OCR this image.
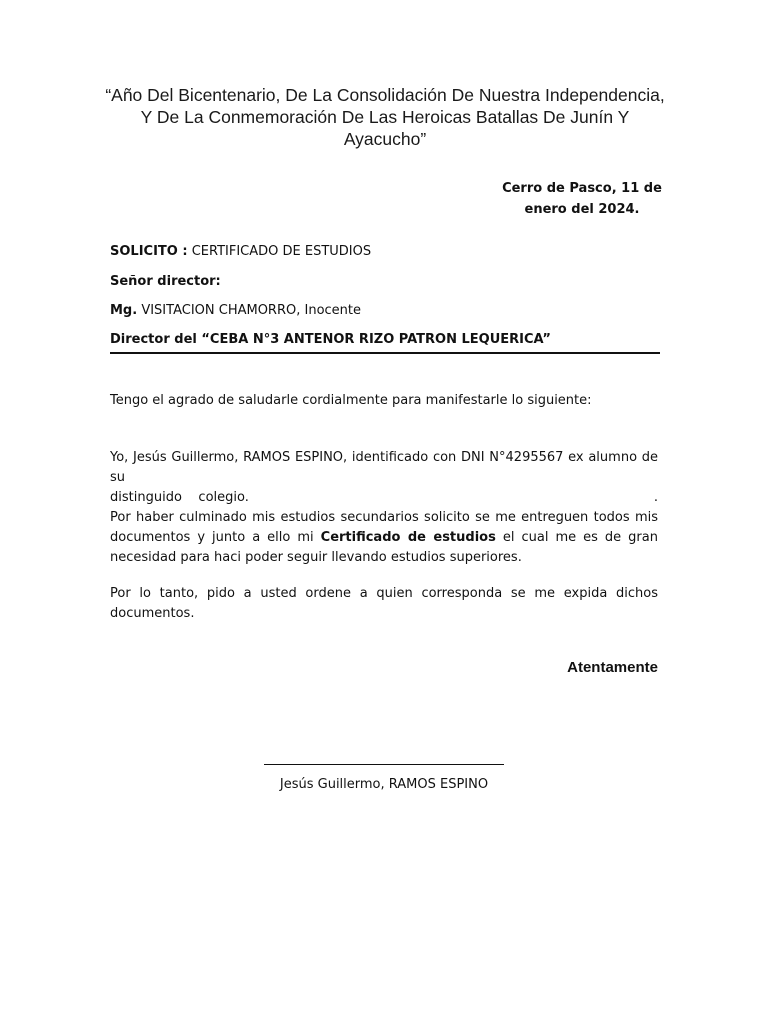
“Año Del Bicentenario, De La Consolidación De Nuestra Independencia,
Y De La Conmemoración De Las Heroicas Batallas De Junín Y
Ayacucho”
Cerro de Pasco, 11 de
enero del 2024.
SOLICITO : CERTIFICADO DE ESTUDIOS
Señor director:
Mg. VISITACION CHAMORRO, Inocente
Director del “CEBA N°3 ANTENOR RIZO PATRON LEQUERICA”
Tengo el agrado de saludarle cordialmente para manifestarle lo siguiente:
Yo, Jesús Guillermo, RAMOS ESPINO, identificado con DNI N°4295567 ex alumno de su
distinguido    colegio.	.
Por haber culminado mis estudios secundarios solicito se me entreguen todos mis documentos y junto a ello mi Certificado de estudios el cual me es de gran necesidad para haci poder seguir llevando estudios superiores.
Por lo tanto, pido a usted ordene a quien corresponda se me expida dichos documentos.
Atentamente
Jesús Guillermo, RAMOS ESPINO
